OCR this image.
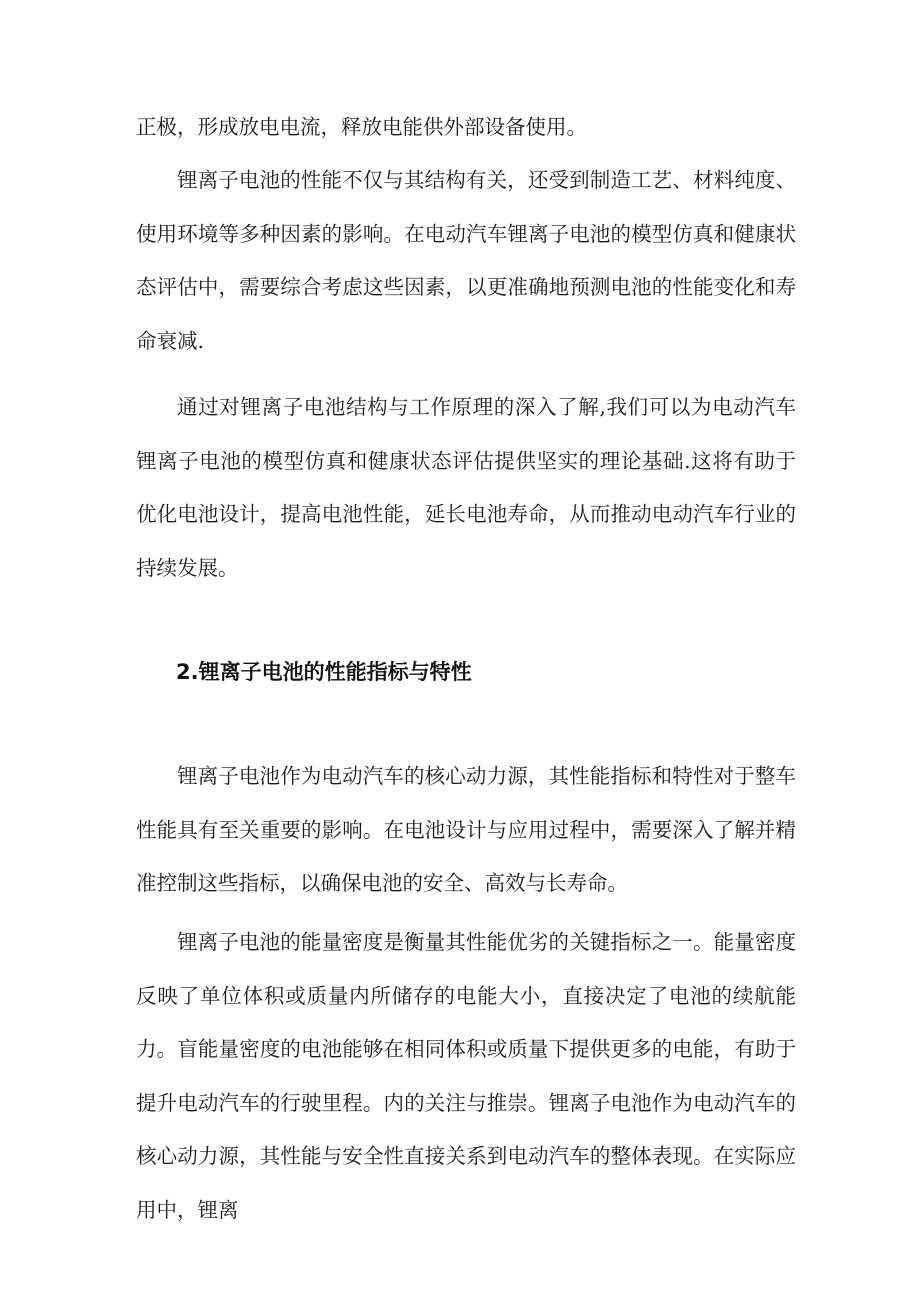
正极，形成放电电流，释放电能供外部设备使用。

锂离子电池的性能不仅与其结构有关，还受到制造工艺、材料纯度、使用环境等多种因素的影响。在电动汽车锂离子电池的模型仿真和健康状态评估中，需要综合考虑这些因素，以更准确地预测电池的性能变化和寿命衰减.

通过对锂离子电池结构与工作原理的深入了解,我们可以为电动汽车锂离子电池的模型仿真和健康状态评估提供坚实的理论基础.这将有助于优化电池设计，提高电池性能，延长电池寿命，从而推动电动汽车行业的持续发展。

2.锂离子电池的性能指标与特性

锂离子电池作为电动汽车的核心动力源，其性能指标和特性对于整车性能具有至关重要的影响。在电池设计与应用过程中，需要深入了解并精准控制这些指标，以确保电池的安全、高效与长寿命。

锂离子电池的能量密度是衡量其性能优劣的关键指标之一。能量密度反映了单位体积或质量内所储存的电能大小，直接决定了电池的续航能力。盲能量密度的电池能够在相同体积或质量下提供更多的电能，有助于提升电动汽车的行驶里程。内的关注与推崇。锂离子电池作为电动汽车的核心动力源，其性能与安全性直接关系到电动汽车的整体表现。在实际应用中，锂离
